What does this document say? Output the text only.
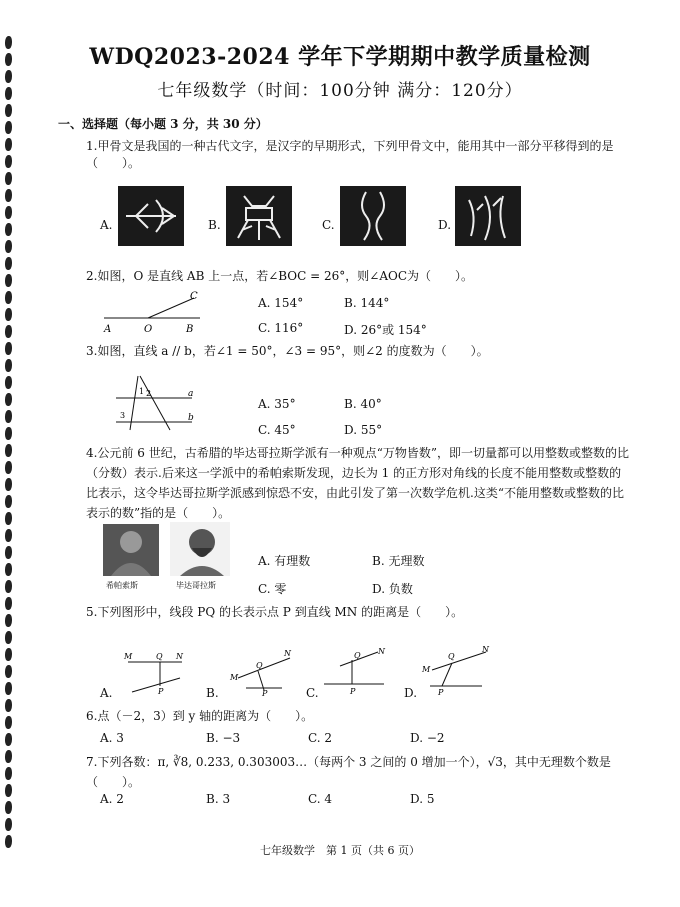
WDQ2023-2024 学年下学期期中教学质量检测
七年级数学（时间：100分钟 满分：120分）
一、选择题（每小题 3 分，共 30 分）
1.甲骨文是我国的一种古代文字，是汉字的早期形式，下列甲骨文中，能用其中一部分平移得到的是（　　）。
A.	B.	C.	D.
2.如图，O 是直线 AB 上一点，若∠BOC = 26°，则∠AOC为（　　）。
A	O	B
C	A. 154°	B. 144°
C. 116°	D. 26°或 154°
3.如图，直线 a // b，若∠1 = 50°，∠3 = 95°，则∠2 的度数为（　　）。
1 2
3
a
b
A. 35°	B. 40°
C. 45°	D. 55°
4.公元前 6 世纪，古希腊的毕达哥拉斯学派有一种观点“万物皆数”，即一切量都可以用整数或整数的比（分数）表示.后来这一学派中的希帕索斯发现，边长为 1 的正方形对角线的长度不能用整数或整数的比表示，这令毕达哥拉斯学派感到惊恐不安，由此引发了第一次数学危机.这类“不能用整数或整数的比表示的数”指的是（　　）。
希帕索斯	毕达哥拉斯
A. 有理数	B. 无理数
C. 零	D. 负数
5.下列图形中，线段 PQ 的长表示点 P 到直线 MN 的距离是（　　）。
A.
M	Q N
P	B.
M
Q
N
P	C.
Q N
P	D.
M
Q
N
P
6.点（－2，3）到 y 轴的距离为（　　）。
A. 3	B. −3	C. 2	D. −2
7.下列各数：π, ∛8, 0.233, 0.303003…（每两个 3 之间的 0 增加一个），√3，其中无理数个数是（　　）。
A. 2	B. 3	C. 4	D. 5
七年级数学　第 1 页（共 6 页）
